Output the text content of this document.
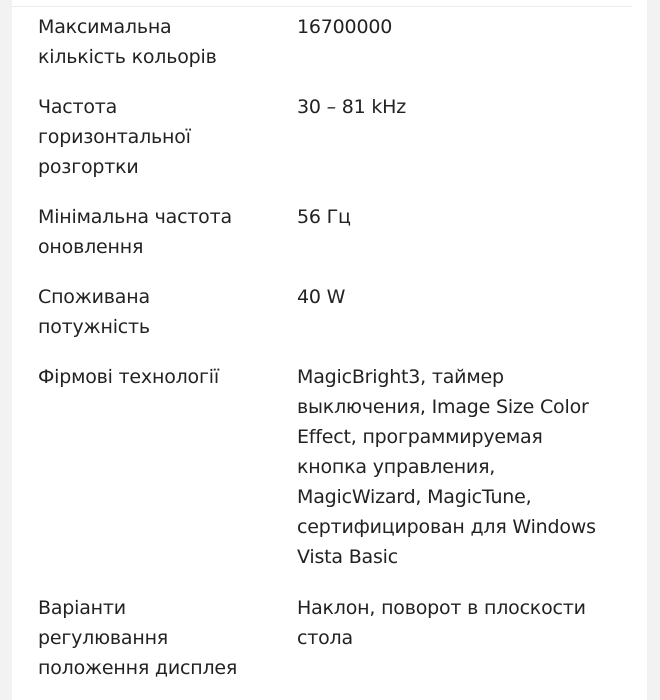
Максимальна
кількість кольорів
16700000
Частота
горизонтальної
розгортки
30 – 81 kHz
Мінімальна частота
оновлення
56 Гц
Споживана
потужність
40 W
Фірмові технології	MagicBright3, таймер
выключения, Image Size Color
Effect, программируемая
кнопка управления,
MagicWizard, MagicTune,
сертифицирован для Windows
Vista Basic
Варіанти
регулювання
положення дисплея
Наклон, поворот в плоскости
стола
